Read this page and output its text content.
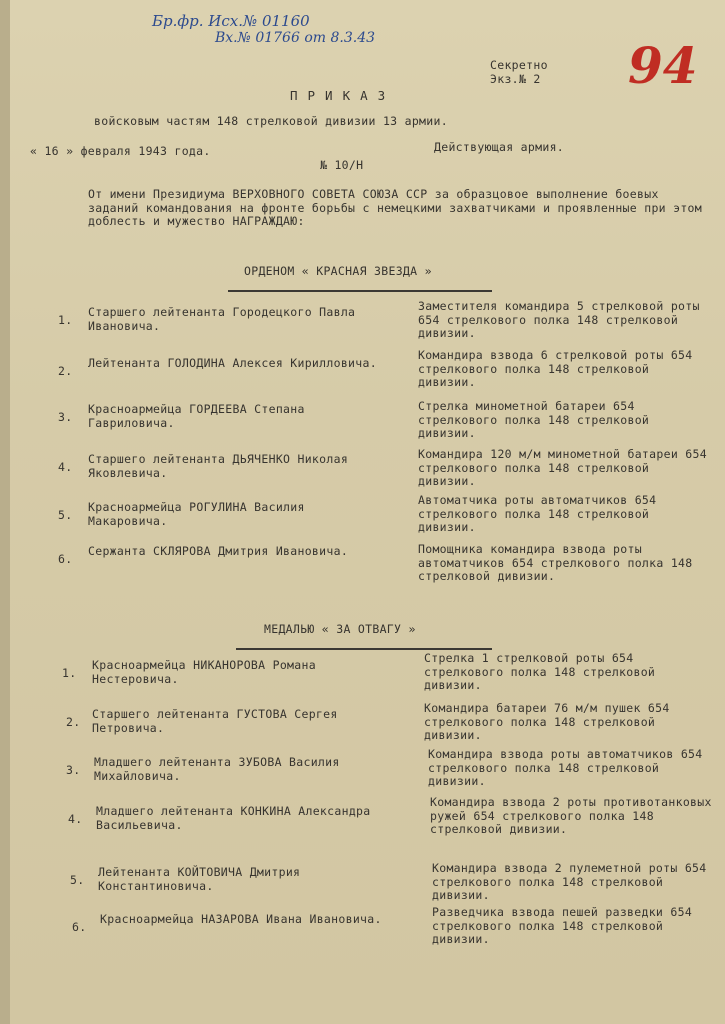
Бр.фр. Исх.№ 01160
Вх.№ 01766 от 8.3.43	94
Секретно
Экз.№ 2
ПРИКАЗ
войсковым частям 148 стрелковой дивизии 13 армии.
« 16 » февраля 1943 года.	Действующая армия.
№ 10/Н
От имени Президиума ВЕРХОВНОГО СОВЕТА СОЮЗА ССР за образцовое выполнение боевых заданий командования на фронте борьбы с немецкими захватчиками и проявленные при этом доблесть и мужество НАГРАЖДАЮ:
ОРДЕНОМ « КРАСНАЯ ЗВЕЗДА »
1.
Старшего лейтенанта Городецкого Павла Ивановича.
Заместителя командира 5 стрелковой роты 654 стрелкового полка 148 стрелковой дивизии.
2.
Лейтенанта ГОЛОДИНА Алексея Кирилловича.
Командира взвода 6 стрелковой роты 654 стрелкового полка 148 стрелковой дивизии.
3.
Красноармейца ГОРДЕЕВА Степана Гавриловича.
Стрелка минометной батареи 654 стрелкового полка 148 стрелковой дивизии.
4.
Старшего лейтенанта ДЬЯЧЕНКО Николая Яковлевича.
Командира 120 м/м минометной батареи 654 стрелкового полка 148 стрелковой дивизии.
5.
Красноармейца РОГУЛИНА Василия Макаровича.
Автоматчика роты автоматчиков 654 стрелкового полка 148 стрелковой дивизии.
6.
Сержанта СКЛЯРОВА Дмитрия Ивановича.	Помощника командира взвода роты автоматчиков 654 стрелкового полка 148 стрелковой дивизии.
МЕДАЛЬЮ « ЗА ОТВАГУ »
1.
Красноармейца НИКАНОРОВА Романа Нестеровича.
Стрелка 1 стрелковой роты 654 стрелкового полка 148 стрелковой дивизии.
2.
Старшего лейтенанта ГУСТОВА Сергея Петровича.
Командира батареи 76 м/м пушек 654 стрелкового полка 148 стрелковой дивизии.
3.
Младшего лейтенанта ЗУБОВА Василия Михайловича.
Командира взвода роты автоматчиков 654 стрелкового полка 148 стрелковой дивизии.
4.
Младшего лейтенанта КОНКИНА Александра Васильевича.
Командира взвода 2 роты противотанковых ружей 654 стрелкового полка 148 стрелковой дивизии.
5.
Лейтенанта КОЙТОВИЧА Дмитрия Константиновича.
Командира взвода 2 пулеметной роты 654 стрелкового полка 148 стрелковой дивизии.
6.
Красноармейца НАЗАРОВА Ивана Ивановича.	Разведчика взвода пешей разведки 654 стрелкового полка 148 стрелковой дивизии.
